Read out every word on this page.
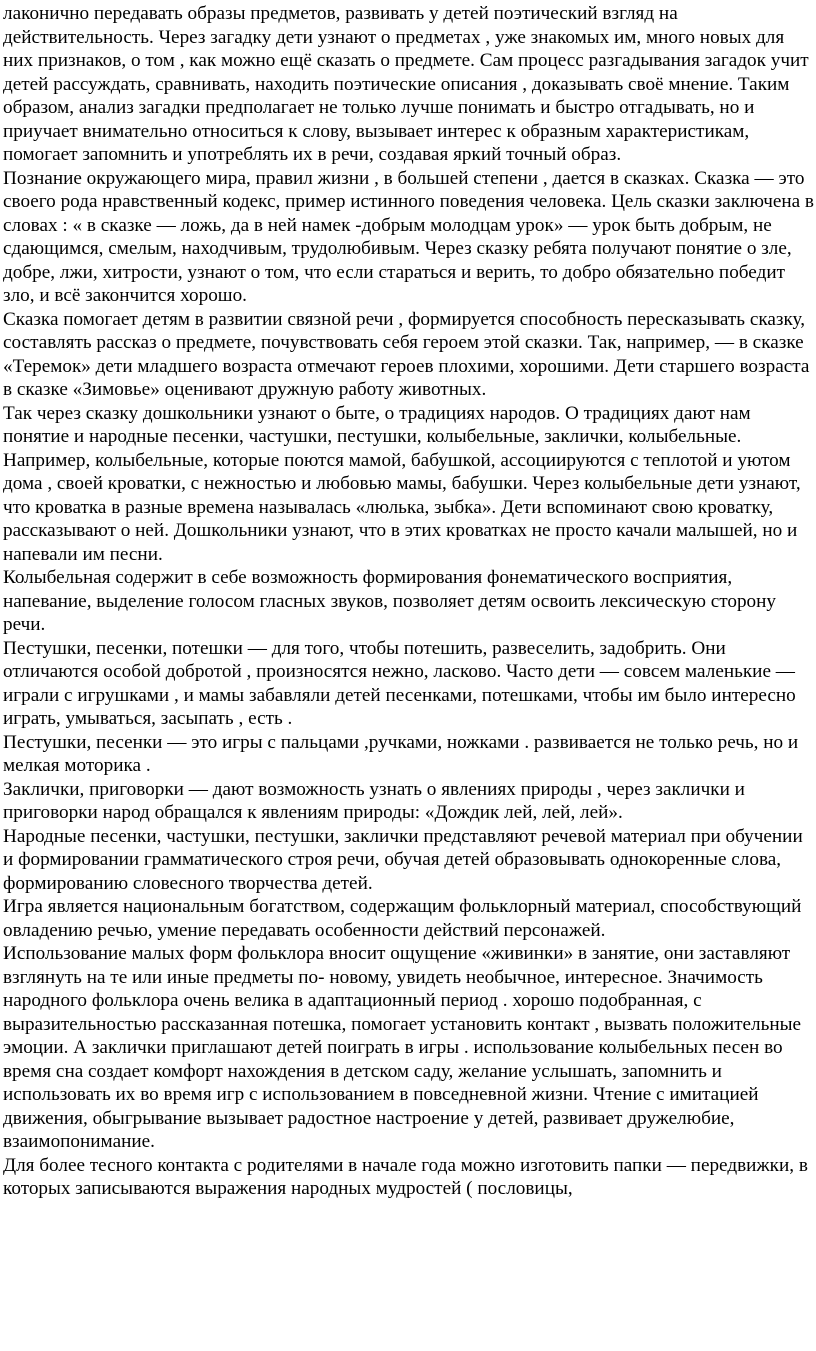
лаконично передавать образы предметов, развивать у детей поэтический взгляд на действительность. Через загадку дети узнают о предметах , уже знакомых им, много новых для них признаков, о том , как можно ещё сказать о предмете. Сам процесс разгадывания загадок учит детей рассуждать, сравнивать, находить поэтические описания , доказывать своё мнение. Таким образом, анализ загадки предполагает не только лучше понимать и быстро отгадывать, но и приучает внимательно относиться к слову, вызывает интерес к образным характеристикам, помогает запомнить и употреблять их в речи, создавая яркий точный образ.

Познание окружающего мира, правил жизни , в большей степени , дается в сказках. Сказка — это своего рода нравственный кодекс, пример истинного поведения человека. Цель сказки заключена в словах : « в сказке — ложь, да в ней намек -добрым молодцам урок» — урок быть добрым, не сдающимся, смелым, находчивым, трудолюбивым. Через сказку ребята получают понятие о зле, добре, лжи, хитрости, узнают о том, что если стараться и верить, то добро обязательно победит зло, и всё закончится хорошо.

Сказка помогает детям в развитии связной речи , формируется способность пересказывать сказку, составлять рассказ о предмете, почувствовать себя героем этой сказки. Так, например, — в сказке «Теремок» дети младшего возраста отмечают героев плохими, хорошими. Дети старшего возраста в сказке «Зимовье» оценивают дружную работу животных.

Так через сказку дошкольники узнают о быте, о традициях народов. О традициях дают нам понятие и народные песенки, частушки, пестушки, колыбельные, заклички, колыбельные.

Например, колыбельные, которые поются мамой, бабушкой, ассоциируются с теплотой и уютом дома , своей кроватки, с нежностью и любовью мамы, бабушки. Через колыбельные дети узнают, что кроватка в разные времена называлась «люлька, зыбка». Дети вспоминают свою кроватку, рассказывают о ней. Дошкольники узнают, что в этих кроватках не просто качали малышей, но и напевали им песни.

Колыбельная содержит в себе возможность формирования фонематического восприятия, напевание, выделение голосом гласных звуков, позволяет детям освоить лексическую сторону речи.

Пестушки, песенки, потешки — для того, чтобы потешить, развеселить, задобрить. Они отличаются особой добротой , произносятся нежно, ласково. Часто дети — совсем маленькие — играли с игрушками , и мамы забавляли детей песенками, потешками, чтобы им было интересно играть, умываться, засыпать , есть .

Пестушки, песенки — это игры с пальцами ,ручками, ножками . развивается не только речь, но и мелкая моторика .

Заклички, приговорки — дают возможность узнать о явлениях природы , через заклички и приговорки народ обращался к явлениям природы: «Дождик лей, лей, лей».

Народные песенки, частушки, пестушки, заклички представляют речевой материал при обучении и формировании грамматического строя речи, обучая детей образовывать однокоренные слова, формированию словесного творчества детей.

Игра является национальным богатством, содержащим фольклорный материал, способствующий овладению речью, умение передавать особенности действий персонажей.

Использование малых форм фольклора вносит ощущение «живинки» в занятие, они заставляют взглянуть на те или иные предметы по- новому, увидеть необычное, интересное. Значимость народного фольклора очень велика в адаптационный период . хорошо подобранная, с выразительностью рассказанная потешка, помогает установить контакт , вызвать положительные эмоции. А заклички приглашают детей поиграть в игры . использование колыбельных песен во время сна создает комфорт нахождения в детском саду, желание услышать, запомнить и использовать их во время игр с использованием в повседневной жизни. Чтение с имитацией движения, обыгрывание вызывает радостное настроение у детей, развивает дружелюбие, взаимопонимание.

Для более тесного контакта с родителями в начале года можно изготовить папки — передвижки, в которых записываются выражения народных мудростей ( пословицы,
